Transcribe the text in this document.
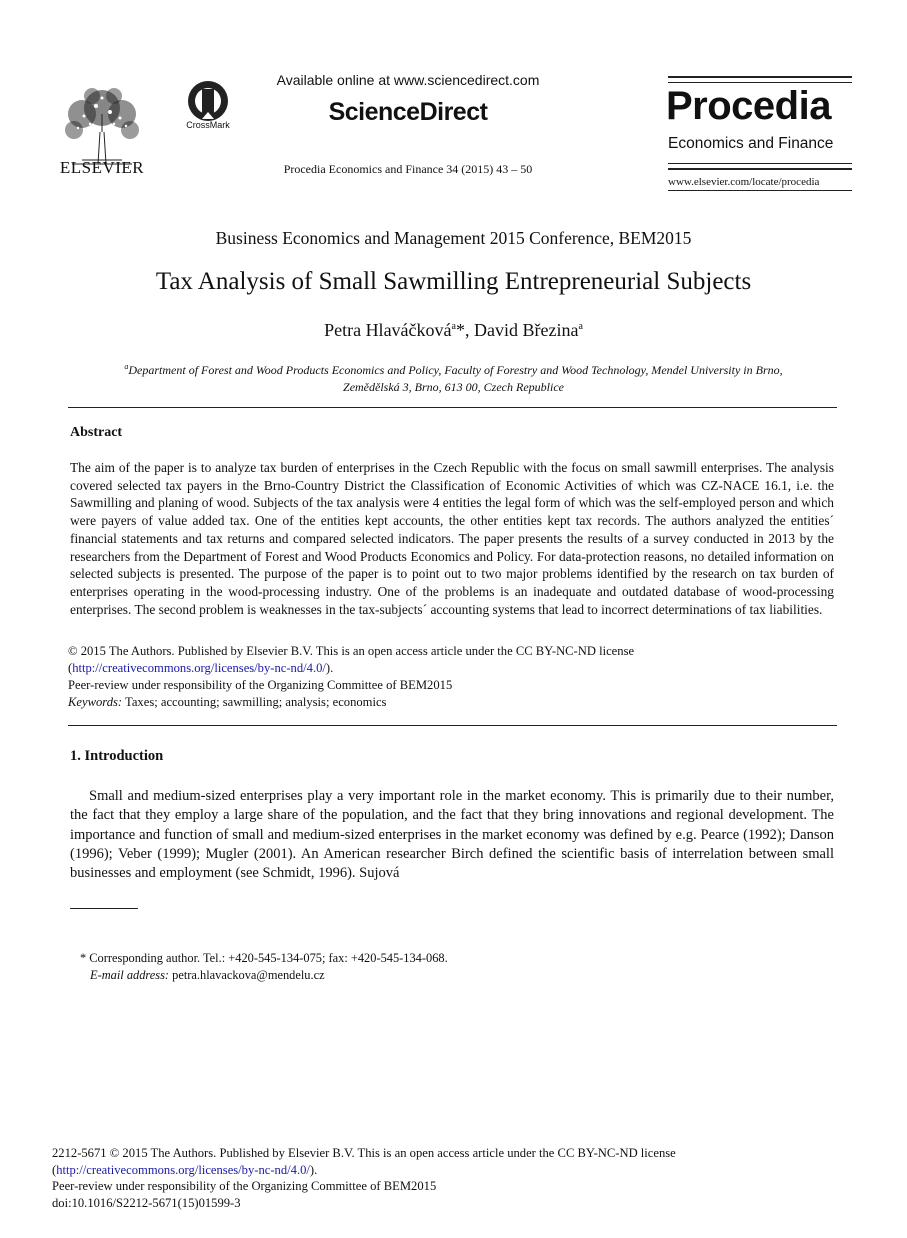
ELSEVIER
CrossMark
Available online at www.sciencedirect.com
ScienceDirect
Procedia Economics and Finance 34 (2015) 43 – 50
Procedia
Economics and Finance
www.elsevier.com/locate/procedia
Business Economics and Management 2015 Conference, BEM2015
Tax Analysis of Small Sawmilling Entrepreneurial Subjects
Petra Hlaváčková$^a$*, David Březina$^a$
$^a$Department of Forest and Wood Products Economics and Policy, Faculty of Forestry and Wood Technology, Mendel University in Brno,
Zemědělská 3, Brno, 613 00, Czech Republice
Abstract
The aim of the paper is to analyze tax burden of enterprises in the Czech Republic with the focus on small sawmill enterprises. The analysis covered selected tax payers in the Brno-Country District the Classification of Economic Activities of which was CZ-NACE 16.1, i.e. the Sawmilling and planing of wood. Subjects of the tax analysis were 4 entities the legal form of which was the self-employed person and which were payers of value added tax. One of the entities kept accounts, the other entities kept tax records. The authors analyzed the entities´ financial statements and tax returns and compared selected indicators. The paper presents the results of a survey conducted in 2013 by the researchers from the Department of Forest and Wood Products Economics and Policy. For data-protection reasons, no detailed information on selected subjects is presented. The purpose of the paper is to point out to two major problems identified by the research on tax burden of enterprises operating in the wood-processing industry. One of the problems is an inadequate and outdated database of wood-processing enterprises. The second problem is weaknesses in the tax-subjects´ accounting systems that lead to incorrect determinations of tax liabilities.
© 2015 The Authors. Published by Elsevier B.V. This is an open access article under the CC BY-NC-ND license
(http://creativecommons.org/licenses/by-nc-nd/4.0/).
Peer-review under responsibility of the Organizing Committee of BEM2015
Keywords: Taxes; accounting; sawmilling; analysis; economics
1. Introduction

Small and medium-sized enterprises play a very important role in the market economy. This is primarily due to their number, the fact that they employ a large share of the population, and the fact that they bring innovations and regional development. The importance and function of small and medium-sized enterprises in the market economy was defined by e.g. Pearce (1992); Danson (1996); Veber (1999); Mugler (2001). An American researcher Birch defined the scientific basis of interrelation between small businesses and employment (see Schmidt, 1996). Sujová

* Corresponding author. Tel.: +420-545-134-075; fax: +420-545-134-068.
E-mail address: petra.hlavackova@mendelu.cz
2212-5671 © 2015 The Authors. Published by Elsevier B.V. This is an open access article under the CC BY-NC-ND license
(http://creativecommons.org/licenses/by-nc-nd/4.0/).
Peer-review under responsibility of the Organizing Committee of BEM2015
doi:10.1016/S2212-5671(15)01599-3
